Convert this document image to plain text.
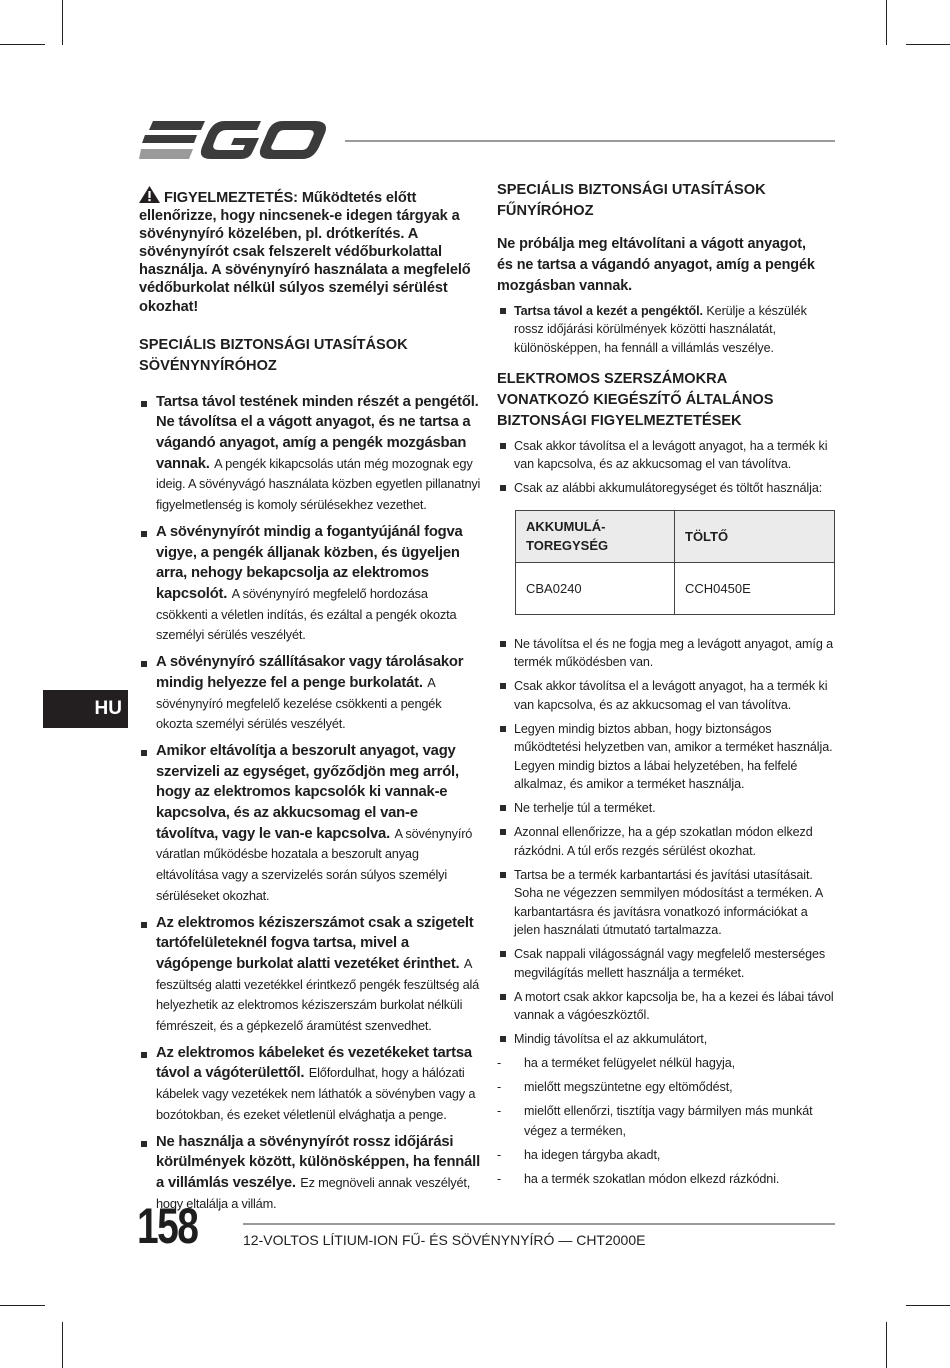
HU

FIGYELMEZTETÉS: Működtetés előtt ellenőrizze, hogy nincsenek-e idegen tárgyak a sövénynyíró közelében, pl. drótkerítés. A sövénynyírót csak felszerelt védőburkolattal használja. A sövénynyíró használata a megfelelő védőburkolat nélkül súlyos személyi sérülést okozhat!

SPECIÁLIS BIZTONSÁGI UTASÍTÁSOK SÖVÉNYNYÍRÓHOZ

Tartsa távol testének minden részét a pengétől. Ne távolítsa el a vágott anyagot, és ne tartsa a vágandó anyagot, amíg a pengék mozgásban vannak. A pengék kikapcsolás után még mozognak egy ideig. A sövényvágó használata közben egyetlen pillanatnyi figyelmetlenség is komoly sérülésekhez vezethet.
A sövénynyírót mindig a fogantyújánál fogva vigye, a pengék álljanak közben, és ügyeljen arra, nehogy bekapcsolja az elektromos kapcsolót. A sövénynyíró megfelelő hordozása csökkenti a véletlen indítás, és ezáltal a pengék okozta személyi sérülés veszélyét.
A sövénynyíró szállításakor vagy tárolásakor mindig helyezze fel a penge burkolatát. A sövénynyíró megfelelő kezelése csökkenti a pengék okozta személyi sérülés veszélyét.
Amikor eltávolítja a beszorult anyagot, vagy szervizeli az egységet, győződjön meg arról, hogy az elektromos kapcsolók ki vannak-e kapcsolva, és az akkucsomag el van-e távolítva, vagy le van-e kapcsolva. A sövénynyíró váratlan működésbe hozatala a beszorult anyag eltávolítása vagy a szervizelés során súlyos személyi sérüléseket okozhat.
Az elektromos kéziszerszámot csak a szigetelt tartófelületeknél fogva tartsa, mivel a vágópenge burkolat alatti vezetéket érinthet. A feszültség alatti vezetékkel érintkező pengék feszültség alá helyezhetik az elektromos kéziszerszám burkolat nélküli fémrészeit, és a gépkezelő áramütést szenvedhet.
Az elektromos kábeleket és vezetékeket tartsa távol a vágóterülettől. Előfordulhat, hogy a hálózati kábelek vagy vezetékek nem láthatók a sövényben vagy a bozótokban, és ezeket véletlenül elvághatja a penge.
Ne használja a sövénynyírót rossz időjárási körülmények között, különösképpen, ha fennáll a villámlás veszélye. Ez megnöveli annak veszélyét, hogy eltalálja a villám.

SPECIÁLIS BIZTONSÁGI UTASÍTÁSOK FŰNYÍRÓHOZ

Ne próbálja meg eltávolítani a vágott anyagot, és ne tartsa a vágandó anyagot, amíg a pengék mozgásban vannak.

Tartsa távol a kezét a pengéktől. Kerülje a készülék rossz időjárási körülmények közötti használatát, különösképpen, ha fennáll a villámlás veszélye.

ELEKTROMOS SZERSZÁMOKRA VONATKOZÓ KIEGÉSZÍTŐ ÁLTALÁNOS BIZTONSÁGI FIGYELMEZTETÉSEK

Csak akkor távolítsa el a levágott anyagot, ha a termék ki van kapcsolva, és az akkucsomag el van távolítva.
Csak az alábbi akkumulátoregységet és töltőt használja:
AKKUMULÁ-TOREGYSÉG	TÖLTŐ
CBA0240	CCH0450E
Ne távolítsa el és ne fogja meg a levágott anyagot, amíg a termék működésben van.
Csak akkor távolítsa el a levágott anyagot, ha a termék ki van kapcsolva, és az akkucsomag el van távolítva.
Legyen mindig biztos abban, hogy biztonságos működtetési helyzetben van, amikor a terméket használja. Legyen mindig biztos a lábai helyzetében, ha felfelé alkalmaz, és amikor a terméket használja.
Ne terhelje túl a terméket.
Azonnal ellenőrizze, ha a gép szokatlan módon elkezd rázkódni. A túl erős rezgés sérülést okozhat.
Tartsa be a termék karbantartási és javítási utasításait. Soha ne végezzen semmilyen módosítást a terméken. A karbantartásra és javításra vonatkozó információkat a jelen használati útmutató tartalmazza.
Csak nappali világosságnál vagy megfelelő mesterséges megvilágítás mellett használja a terméket.
A motort csak akkor kapcsolja be, ha a kezei és lábai távol vannak a vágóeszköztől.
Mindig távolítsa el az akkumulátort,
- ha a terméket felügyelet nélkül hagyja,
- mielőtt megszüntetne egy eltömődést,
- mielőtt ellenőrzi, tisztítja vagy bármilyen más munkát végez a terméken,
- ha idegen tárgyba akadt,
- ha a termék szokatlan módon elkezd rázkódni.
158	12-VOLTOS LÍTIUM-ION FŰ- ÉS SÖVÉNYNYÍRÓ — CHT2000E
